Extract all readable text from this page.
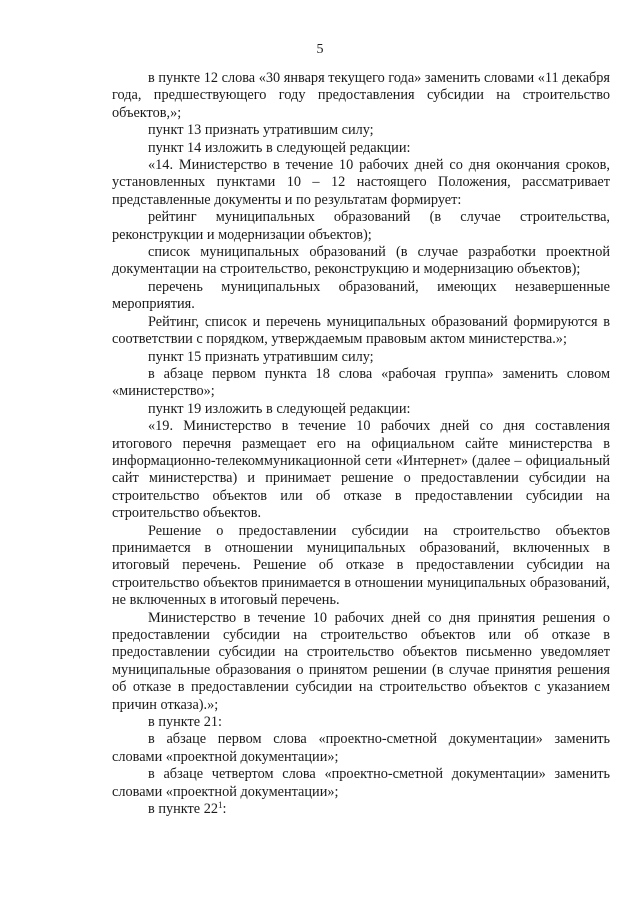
5

в пункте 12 слова «30 января текущего года» заменить словами «11 декабря года, предшествующего году предоставления субсидии на строительство объектов,»;

пункт 13 признать утратившим силу;

пункт 14 изложить в следующей редакции:

«14. Министерство в течение 10 рабочих дней со дня окончания сроков, установленных пунктами 10 – 12 настоящего Положения, рассматривает представленные документы и по результатам формирует:

рейтинг муниципальных образований (в случае строительства, реконструкции и модернизации объектов);

список муниципальных образований (в случае разработки проектной документации на строительство, реконструкцию и модернизацию объектов);

перечень муниципальных образований, имеющих незавершенные мероприятия.

Рейтинг, список и перечень муниципальных образований формируются в соответствии с порядком, утверждаемым правовым актом министерства.»;

пункт 15 признать утратившим силу;

в абзаце первом пункта 18 слова «рабочая группа» заменить словом «министерство»;

пункт 19 изложить в следующей редакции:

«19. Министерство в течение 10 рабочих дней со дня составления итогового перечня размещает его на официальном сайте министерства в информационно-телекоммуникационной сети «Интернет» (далее – официальный сайт министерства) и принимает решение о предоставлении субсидии на строительство объектов или об отказе в предоставлении субсидии на строительство объектов.

Решение о предоставлении субсидии на строительство объектов принимается в отношении муниципальных образований, включенных в итоговый перечень. Решение об отказе в предоставлении субсидии на строительство объектов принимается в отношении муниципальных образований, не включенных в итоговый перечень.

Министерство в течение 10 рабочих дней со дня принятия решения о предоставлении субсидии на строительство объектов или об отказе в предоставлении субсидии на строительство объектов письменно уведомляет муниципальные образования о принятом решении (в случае принятия решения об отказе в предоставлении субсидии на строительство объектов с указанием причин отказа).»;

в пункте 21:

в абзаце первом слова «проектно-сметной документации» заменить словами «проектной документации»;

в абзаце четвертом слова «проектно-сметной документации» заменить словами «проектной документации»;

в пункте $22^1$:
